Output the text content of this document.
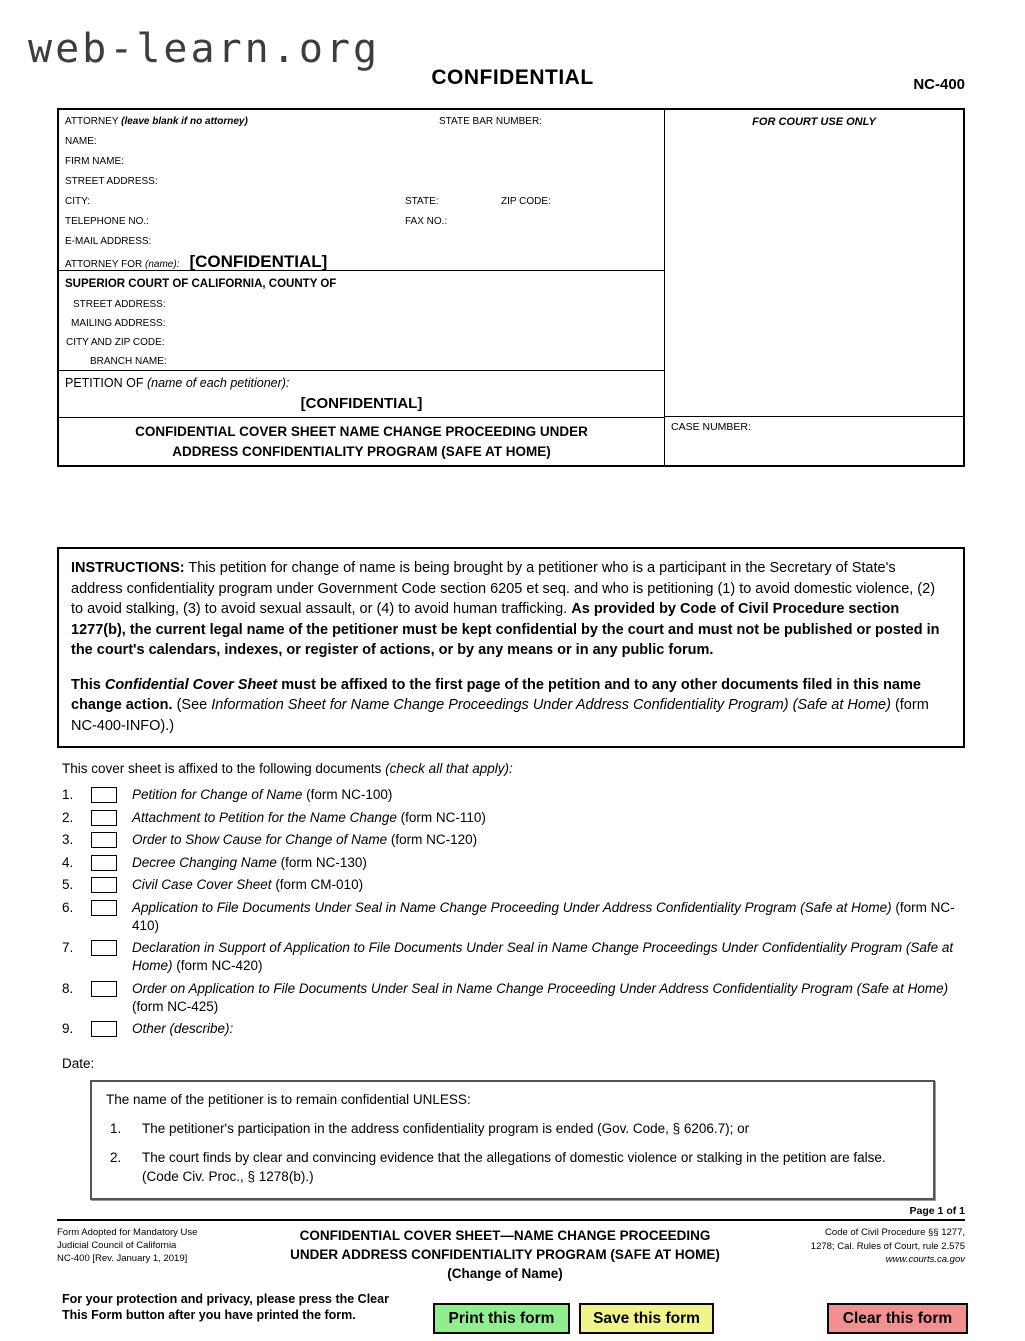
web-learn.org
CONFIDENTIAL	NC-400
ATTORNEY (leave blank if no attorney)	STATE BAR NUMBER:
NAME:
FIRM NAME:
STREET ADDRESS:
CITY:	STATE:	ZIP CODE:
TELEPHONE NO.:	FAX NO.:
E-MAIL ADDRESS:
ATTORNEY FOR (name): [CONFIDENTIAL]
SUPERIOR COURT OF CALIFORNIA, COUNTY OF
STREET ADDRESS:
MAILING ADDRESS:
CITY AND ZIP CODE:
BRANCH NAME:
PETITION OF (name of each petitioner):
[CONFIDENTIAL]
CONFIDENTIAL COVER SHEET NAME CHANGE PROCEEDING UNDER
ADDRESS CONFIDENTIALITY PROGRAM (SAFE AT HOME)
FOR COURT USE ONLY
CASE NUMBER:

INSTRUCTIONS: This petition for change of name is being brought by a petitioner who is a participant in the Secretary of State's address confidentiality program under Government Code section 6205 et seq. and who is petitioning (1) to avoid domestic violence, (2) to avoid stalking, (3) to avoid sexual assault, or (4) to avoid human trafficking. As provided by Code of Civil Procedure section 1277(b), the current legal name of the petitioner must be kept confidential by the court and must not be published or posted in the court's calendars, indexes, or register of actions, or by any means or in any public forum.

This Confidential Cover Sheet must be affixed to the first page of the petition and to any other documents filed in this name change action. (See Information Sheet for Name Change Proceedings Under Address Confidentiality Program) (Safe at Home) (form NC-400-INFO).)

This cover sheet is affixed to the following documents (check all that apply):
1.	Petition for Change of Name (form NC-100)
2.	Attachment to Petition for the Name Change (form NC-110)
3.	Order to Show Cause for Change of Name (form NC-120)
4.	Decree Changing Name (form NC-130)
5.	Civil Case Cover Sheet (form CM-010)
6.	Application to File Documents Under Seal in Name Change Proceeding Under Address Confidentiality Program (Safe at Home) (form NC-410)
7.	Declaration in Support of Application to File Documents Under Seal in Name Change Proceedings Under Confidentiality Program (Safe at Home) (form NC-420)
8.	Order on Application to File Documents Under Seal in Name Change Proceeding Under Address Confidentiality Program (Safe at Home) (form NC-425)
9.	Other (describe):
Date:
The name of the petitioner is to remain confidential UNLESS:
1. The petitioner's participation in the address confidentiality program is ended (Gov. Code, § 6206.7); or
2. The court finds by clear and convincing evidence that the allegations of domestic violence or stalking in the petition are false. (Code Civ. Proc., § 1278(b).)
Page 1 of 1
Form Adopted for Mandatory Use
Judicial Council of California
NC-400 [Rev. January 1, 2019]
CONFIDENTIAL COVER SHEET—NAME CHANGE PROCEEDING
UNDER ADDRESS CONFIDENTIALITY PROGRAM (SAFE AT HOME)
(Change of Name)
Code of Civil Procedure §§ 1277,
1278; Cal. Rules of Court, rule 2.575
www.courts.ca.gov
For your protection and privacy, please press the Clear
This Form button after you have printed the form.	Print this form	Save this form	Clear this form
